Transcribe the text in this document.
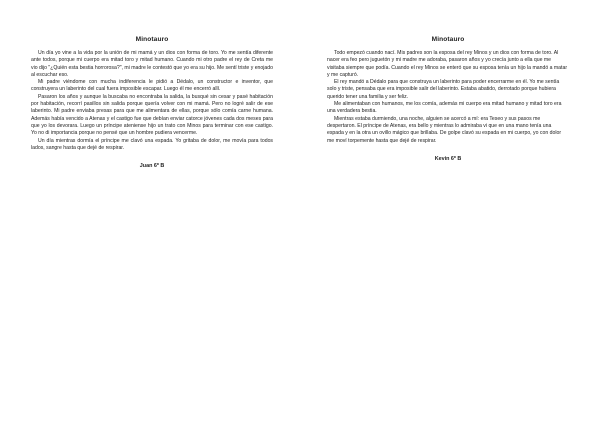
Minotauro

Un día yo vine a la vida por la unión de mi mamá y un dios con forma de toro. Yo me sentía diferente ante todos, porque mi cuerpo era mitad toro y mitad humano. Cuando mi otro padre el rey de Creta me vio dijo "¿Quién esta bestia horrorosa?", mi madre le contestó que yo era su hijo. Me sentí triste y enojado al escuchar eso.

Mi padre viéndome con mucha indiferencia le pidió a Dédalo, un constructor e inventor, que construyera un laberinto del cual fuera imposible escapar. Luego él me encerró allí.

Pasaron los años y aunque la buscaba no encontraba la salida, la busqué sin cesar y pasé habitación por habitación, recorrí pasillos sin salida porque quería volver con mi mamá. Pero no logré salir de ese laberinto. Mi padre enviaba presas para que me alimentara de ellas, porque sólo comía carne humana. Además había vencido a Atenas y el castigo fue que debían enviar catorce jóvenes cada dos meses para que yo los devorara. Luego un príncipe ateniense hijo un trato con Minos para terminar con ese castigo. Yo no di importancia porque no pensé que un hombre pudiera vencerme.

Un día mientras dormía el príncipe me clavó una espada. Yo gritaba de dolor, me movía para todos lados, sangre hasta que dejé de respirar.

Juan 6º B
Minotauro

Todo empezó cuando nací. Mis padres son la esposa del rey Minos y un dios con forma de toro. Al nacer era feo pero juguetón y mi madre me adoraba, pasaron años y yo crecía junto a ella que me visitaba siempre que podía. Cuando el rey Minos se enteró que su esposa tenía un hijo la mandó a matar y me capturó.

El rey mandó a Dédalo para que construya un laberinto para poder encerrarme en él. Yo me sentía solo y triste, pensaba que era imposible salir del laberinto. Estaba abatido, derrotado porque hubiera querido tener una familia y ser feliz.

Me alimentaban con humanos, me los comía, además mi cuerpo era mitad humano y mitad toro era una verdadera bestia.

Mientras estaba durmiendo, una noche, alguien se acercó a mí: era Teseo y sus pasos me despertaron. El príncipe de Atenas, era bello y mientras lo admiraba vi que en una mano tenía una espada y en la otra un ovillo mágico que brillaba. De golpe clavó su espada en mi cuerpo, yo con dolor me moví torpemente hasta que dejé de respirar.

Kevin 6º B
